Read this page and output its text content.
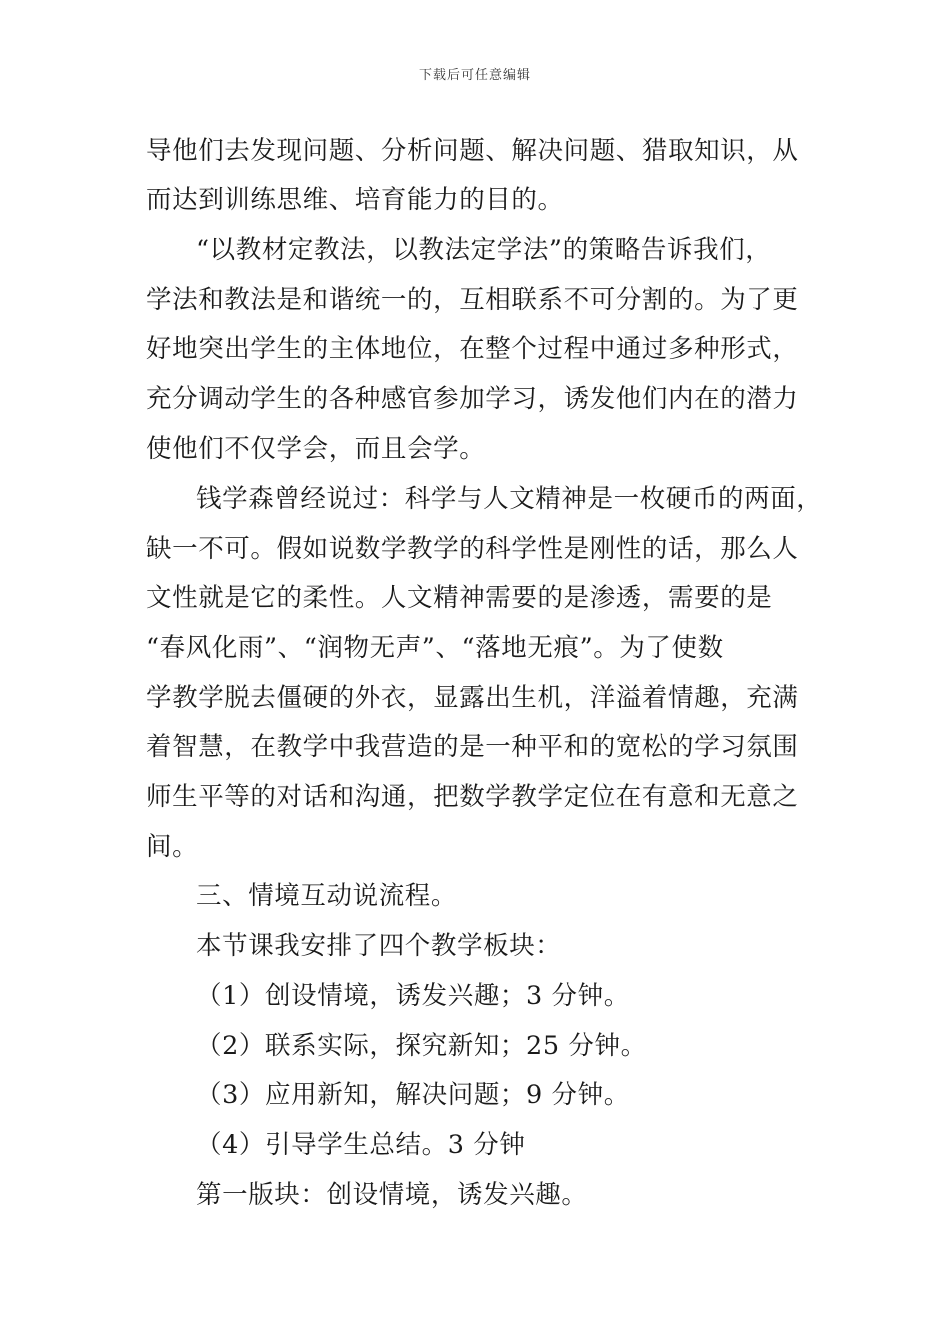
下载后可任意编辑
导他们去发现问题、分析问题、解决问题、猎取知识，从
而达到训练思维、培育能力的目的。
“以教材定教法，以教法定学法”的策略告诉我们，
学法和教法是和谐统一的，互相联系不可分割的。为了更
好地突出学生的主体地位，在整个过程中通过多种形式，
充分调动学生的各种感官参加学习，诱发他们内在的潜力
使他们不仅学会，而且会学。
钱学森曾经说过：科学与人文精神是一枚硬币的两面，
缺一不可。假如说数学教学的科学性是刚性的话，那么人
文性就是它的柔性。人文精神需要的是渗透，需要的是
“春风化雨”、“润物无声”、“落地无痕”。为了使数
学教学脱去僵硬的外衣，显露出生机，洋溢着情趣，充满
着智慧，在教学中我营造的是一种平和的宽松的学习氛围
师生平等的对话和沟通，把数学教学定位在有意和无意之
间。
三、情境互动说流程。
本节课我安排了四个教学板块：
（1）创设情境，诱发兴趣；3 分钟。
（2）联系实际，探究新知；25 分钟。
（3）应用新知，解决问题；9 分钟。
（4）引导学生总结。3 分钟
第一版块：创设情境，诱发兴趣。
